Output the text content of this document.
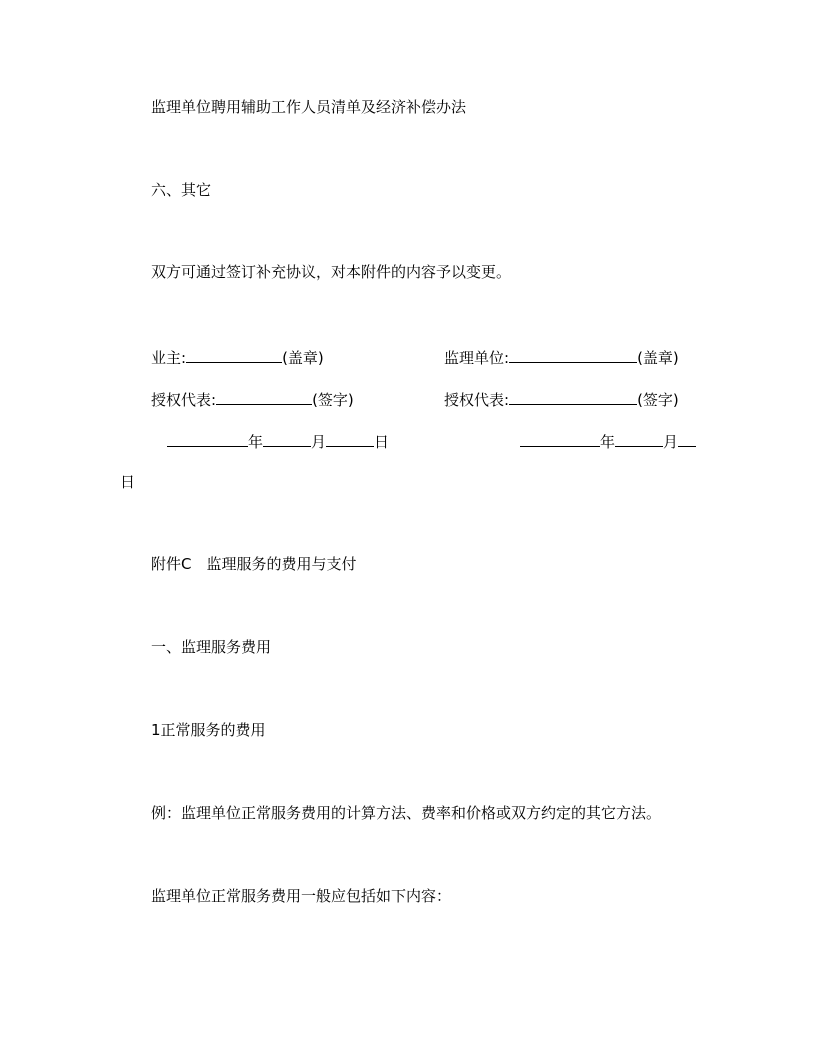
监理单位聘用辅助工作人员清单及经济补偿办法
六、其它
双方可通过签订补充协议，对本附件的内容予以变更。
业主:	(盖章)	监理单位:	(盖章)
授权代表:	(签字)	授权代表:	(签字)
年	月	日	年	月
日
附件C　监理服务的费用与支付
一、监理服务费用
1正常服务的费用
例：监理单位正常服务费用的计算方法、费率和价格或双方约定的其它方法。
监理单位正常服务费用一般应包括如下内容：
